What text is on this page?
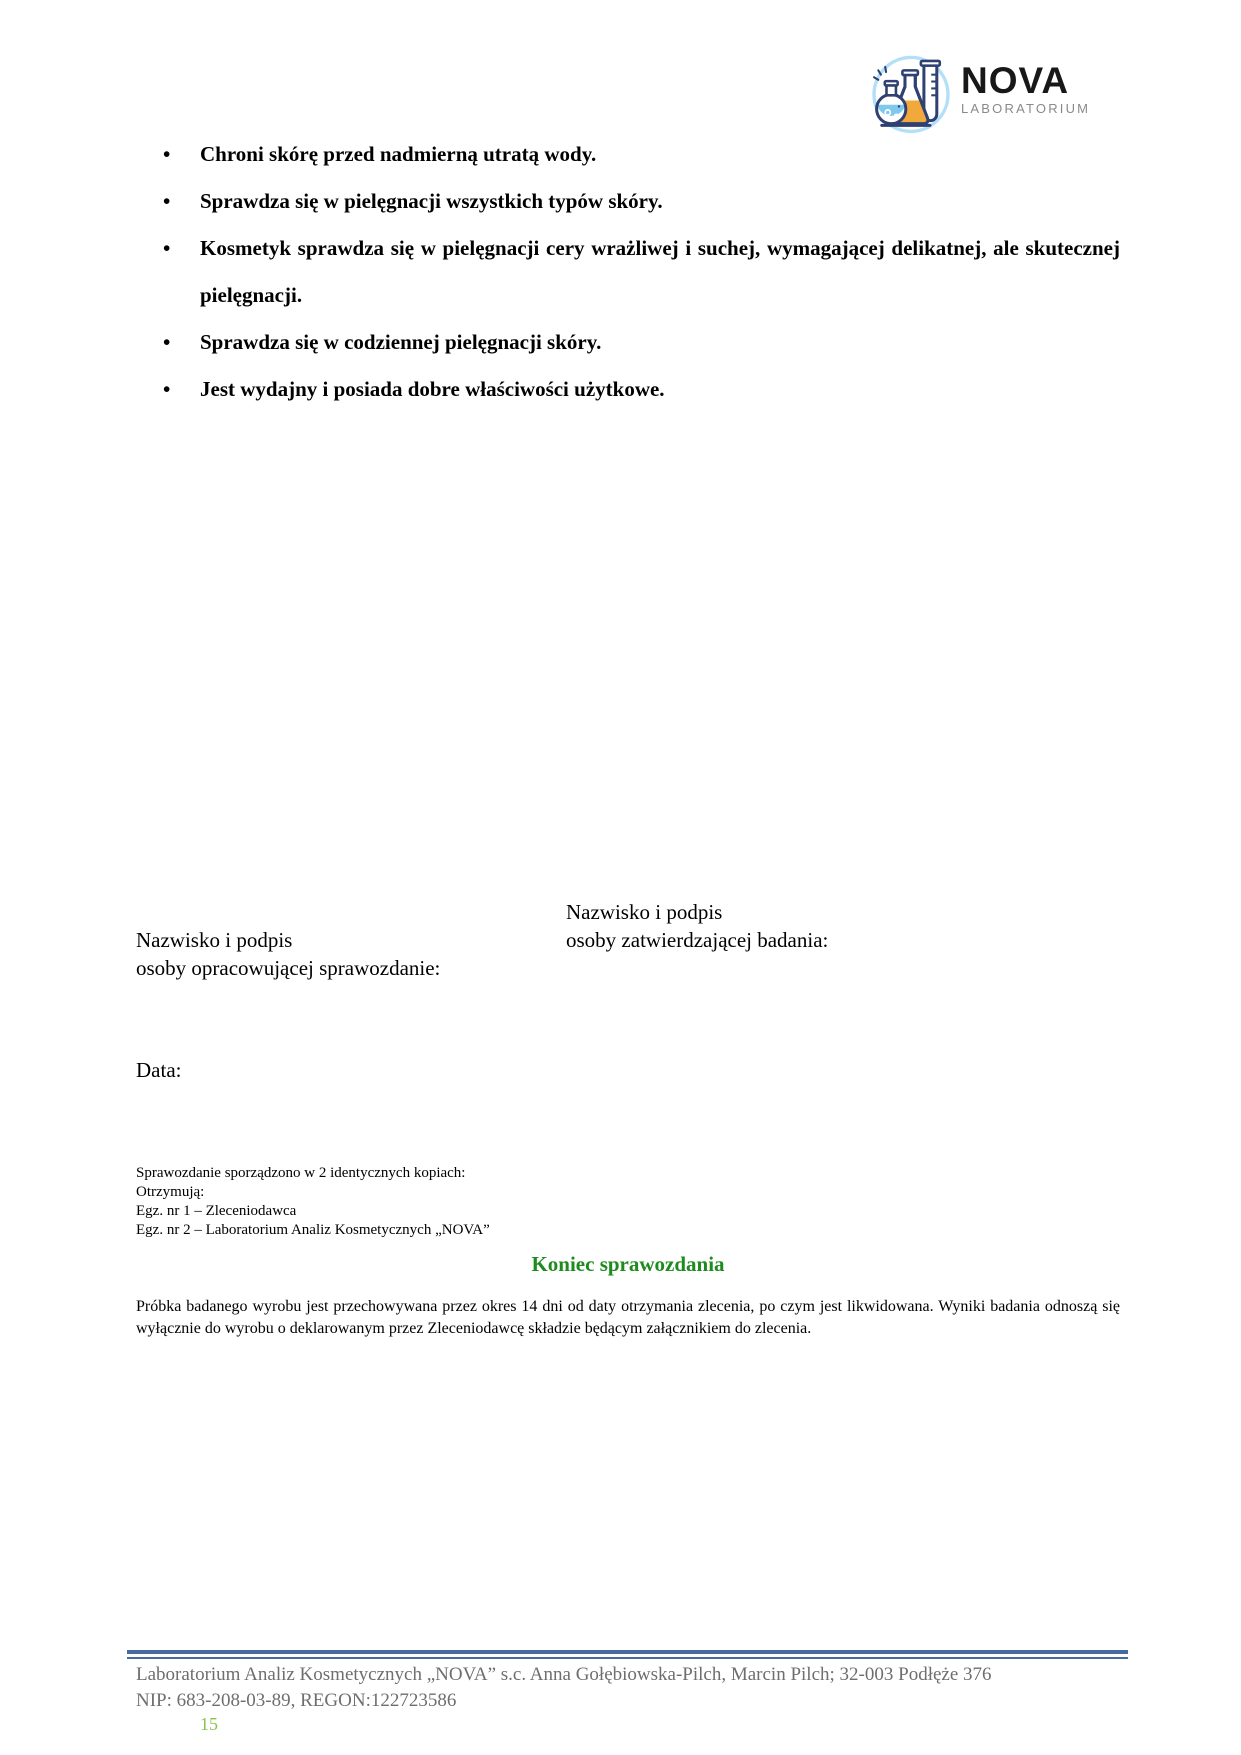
NOVA
LABORATORIUM
• Chroni skórę przed nadmierną utratą wody.
• Sprawdza się w pielęgnacji wszystkich typów skóry.
• Kosmetyk sprawdza się w pielęgnacji cery wrażliwej i suchej, wymagającej delikatnej, ale skutecznej pielęgnacji.
• Sprawdza się w codziennej pielęgnacji skóry.
• Jest wydajny i posiada dobre właściwości użytkowe.
Nazwisko i podpis
osoby zatwierdzającej badania:
Nazwisko i podpis
osoby opracowującej sprawozdanie:
Data:
Sprawozdanie sporządzono w 2 identycznych kopiach:
Otrzymują:
Egz. nr 1 – Zleceniodawca
Egz. nr 2 – Laboratorium Analiz Kosmetycznych „NOVA”
Koniec sprawozdania
Próbka badanego wyrobu jest przechowywana przez okres 14 dni od daty otrzymania zlecenia, po czym jest likwidowana. Wyniki badania odnoszą się wyłącznie do wyrobu o deklarowanym przez Zleceniodawcę składzie będącym załącznikiem do zlecenia.
Laboratorium Analiz Kosmetycznych „NOVA” s.c. Anna Gołębiowska-Pilch, Marcin Pilch; 32-003 Podłęże 376
NIP: 683-208-03-89, REGON:122723586
15
